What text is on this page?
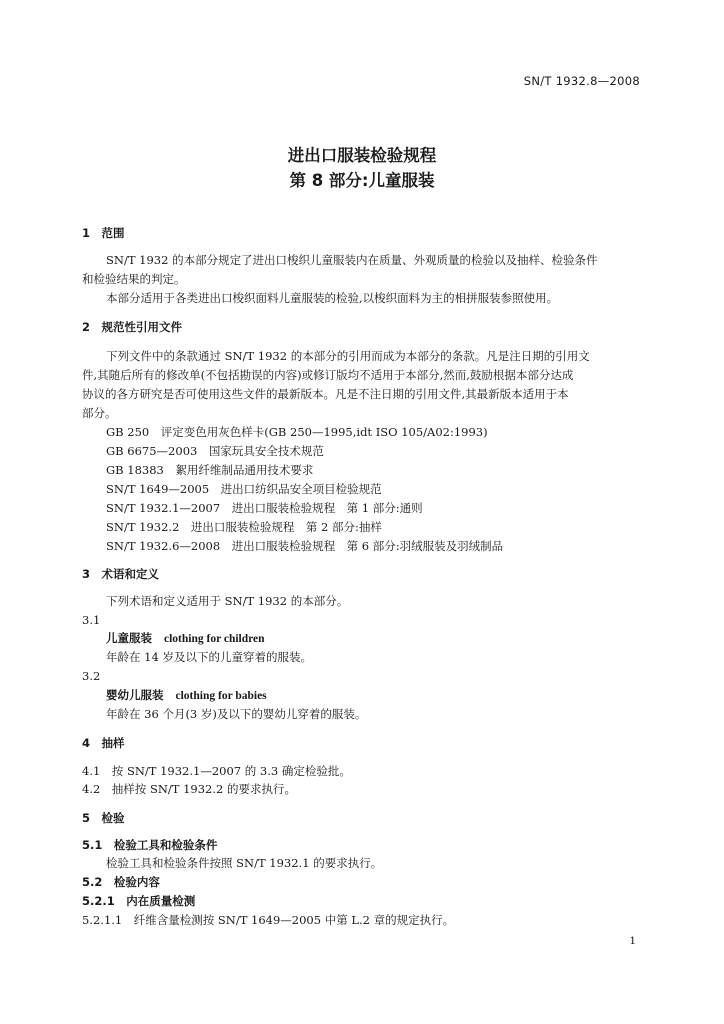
SN/T 1932.8—2008
进出口服装检验规程
第 8 部分:儿童服装
1　范围
SN/T 1932 的本部分规定了进出口梭织儿童服装内在质量、外观质量的检验以及抽样、检验条件
和检验结果的判定。
本部分适用于各类进出口梭织面料儿童服装的检验,以梭织面料为主的相拼服装参照使用。
2　规范性引用文件
下列文件中的条款通过 SN/T 1932 的本部分的引用而成为本部分的条款。凡是注日期的引用文
件,其随后所有的修改单(不包括勘误的内容)或修订版均不适用于本部分,然而,鼓励根据本部分达成
协议的各方研究是否可使用这些文件的最新版本。凡是不注日期的引用文件,其最新版本适用于本
部分。
GB 250　评定变色用灰色样卡(GB 250—1995,idt ISO 105/A02:1993)
GB 6675—2003　国家玩具安全技术规范
GB 18383　絮用纤维制品通用技术要求
SN/T 1649—2005　进出口纺织品安全项目检验规范
SN/T 1932.1—2007　进出口服装检验规程　第 1 部分:通则
SN/T 1932.2　进出口服装检验规程　第 2 部分:抽样
SN/T 1932.6—2008　进出口服装检验规程　第 6 部分:羽绒服装及羽绒制品
3　术语和定义
下列术语和定义适用于 SN/T 1932 的本部分。
3.1
儿童服装 clothing for children
年龄在 14 岁及以下的儿童穿着的服装。
3.2
婴幼儿服装 clothing for babies
年龄在 36 个月(3 岁)及以下的婴幼儿穿着的服装。
4　抽样
4.1　按 SN/T 1932.1—2007 的 3.3 确定检验批。
4.2　抽样按 SN/T 1932.2 的要求执行。
5　检验
5.1　检验工具和检验条件
检验工具和检验条件按照 SN/T 1932.1 的要求执行。
5.2　检验内容
5.2.1　内在质量检测
5.2.1.1　纤维含量检测按 SN/T 1649—2005 中第 L.2 章的规定执行。
1
